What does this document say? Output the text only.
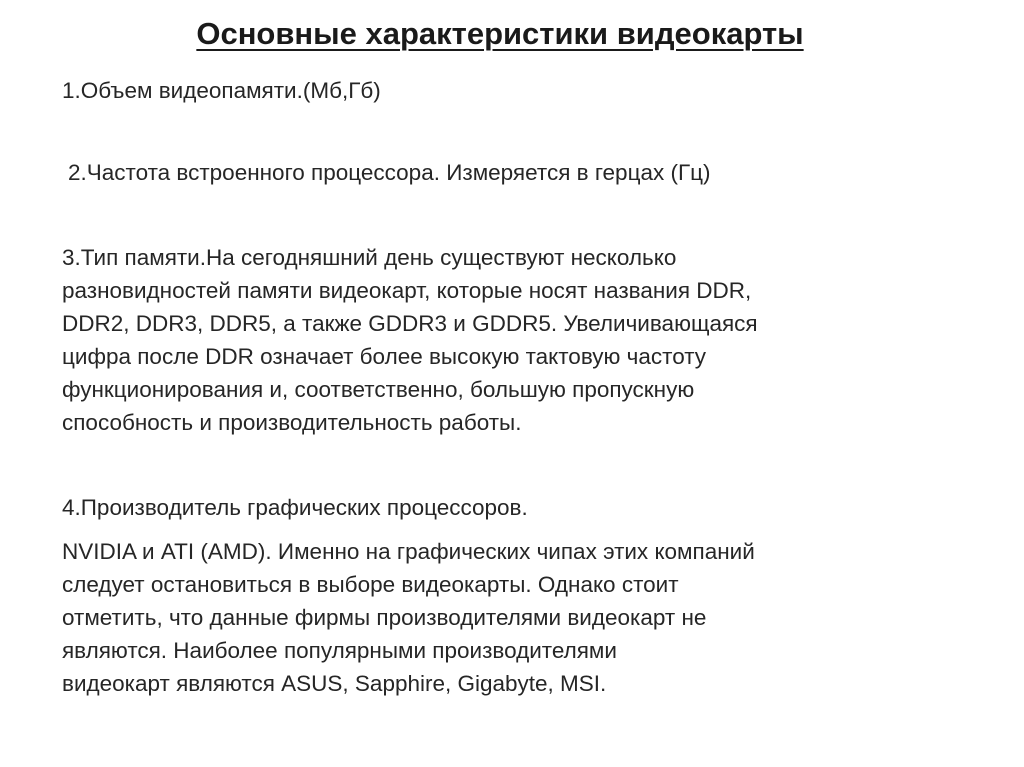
Основные характеристики видеокарты

1.Объем видеопамяти.(Мб,Гб)

2.Частота встроенного процессора. Измеряется в герцах (Гц)

3.Тип памяти.На сегодняшний день существуют несколько
разновидностей памяти видеокарт, которые носят названия DDR,
DDR2, DDR3, DDR5, а также GDDR3 и GDDR5. Увеличивающаяся
цифра после DDR означает более высокую тактовую частоту
функционирования и, соответственно, большую пропускную
способность и производительность работы.

4.Производитель графических процессоров.

NVIDIA и ATI (AMD). Именно на графических чипах этих компаний
следует остановиться в выборе видеокарты. Однако стоит
отметить, что данные фирмы производителями видеокарт не
являются. Наиболее популярными производителями
видеокарт являются ASUS, Sapphire, Gigabyte, MSI.
